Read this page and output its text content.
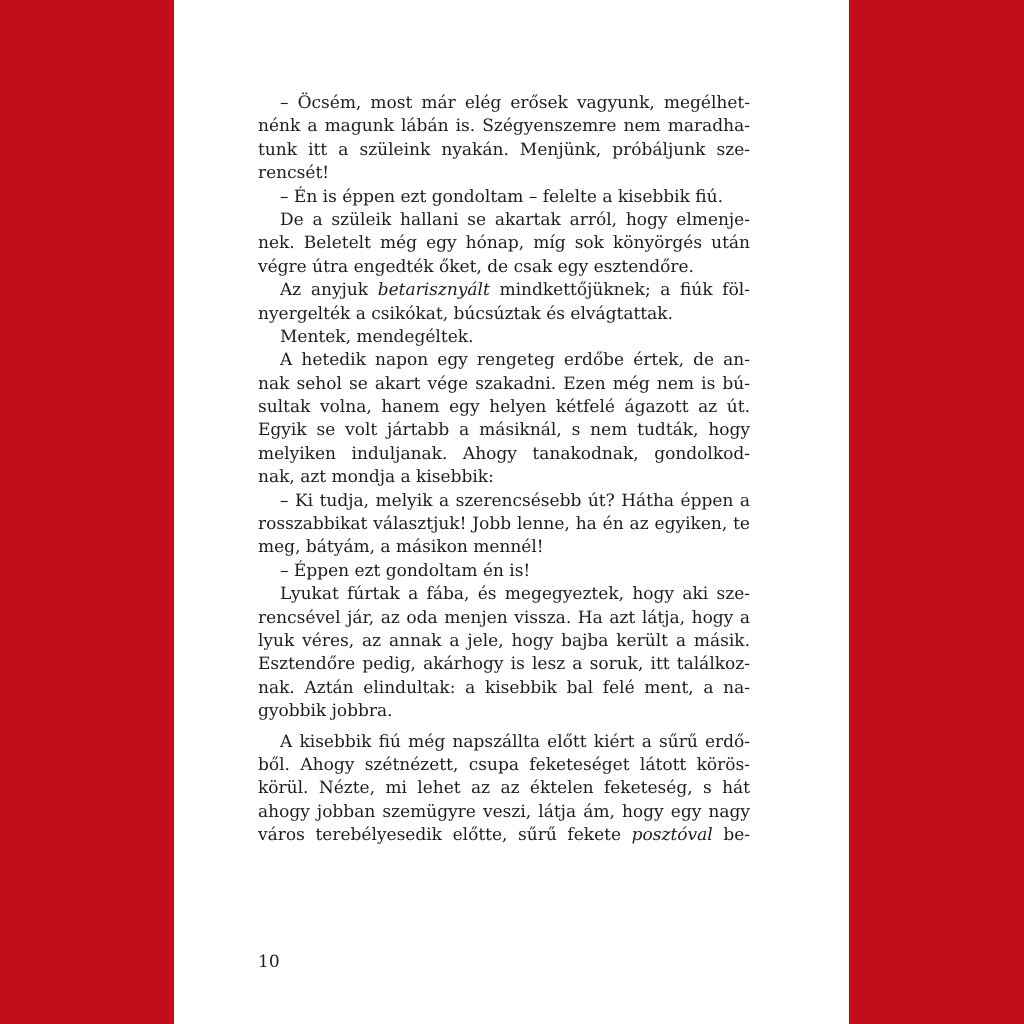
– Öcsém, most már elég erősek vagyunk, megélhet-
nénk a magunk lábán is. Szégyenszemre nem maradha-
tunk itt a szüleink nyakán. Menjünk, próbáljunk sze-
rencsét!
– Én is éppen ezt gondoltam – felelte a kisebbik fiú.
De a szüleik hallani se akartak arról, hogy elmenje-
nek. Beletelt még egy hónap, míg sok könyörgés után
végre útra engedték őket, de csak egy esztendőre.
Az anyjuk betarisznyált mindkettőjüknek; a fiúk föl-
nyergelték a csikókat, búcsúztak és elvágtattak.
Mentek, mendegéltek.
A hetedik napon egy rengeteg erdőbe értek, de an-
nak sehol se akart vége szakadni. Ezen még nem is bú-
sultak volna, hanem egy helyen kétfelé ágazott az út.
Egyik se volt jártabb a másiknál, s nem tudták, hogy
melyiken induljanak. Ahogy tanakodnak, gondolkod-
nak, azt mondja a kisebbik:
– Ki tudja, melyik a szerencsésebb út? Hátha éppen a
rosszabbikat választjuk! Jobb lenne, ha én az egyiken, te
meg, bátyám, a másikon mennél!
– Éppen ezt gondoltam én is!
Lyukat fúrtak a fába, és megegyeztek, hogy aki sze-
rencsével jár, az oda menjen vissza. Ha azt látja, hogy a
lyuk véres, az annak a jele, hogy bajba került a másik.
Esztendőre pedig, akárhogy is lesz a soruk, itt találkoz-
nak. Aztán elindultak: a kisebbik bal felé ment, a na-
gyobbik jobbra.
A kisebbik fiú még napszállta előtt kiért a sűrű erdő-
ből. Ahogy szétnézett, csupa feketeséget látott körös-
körül. Nézte, mi lehet az az éktelen feketeség, s hát
ahogy jobban szemügyre veszi, látja ám, hogy egy nagy
város terebélyesedik előtte, sűrű fekete posztóval be-
10
